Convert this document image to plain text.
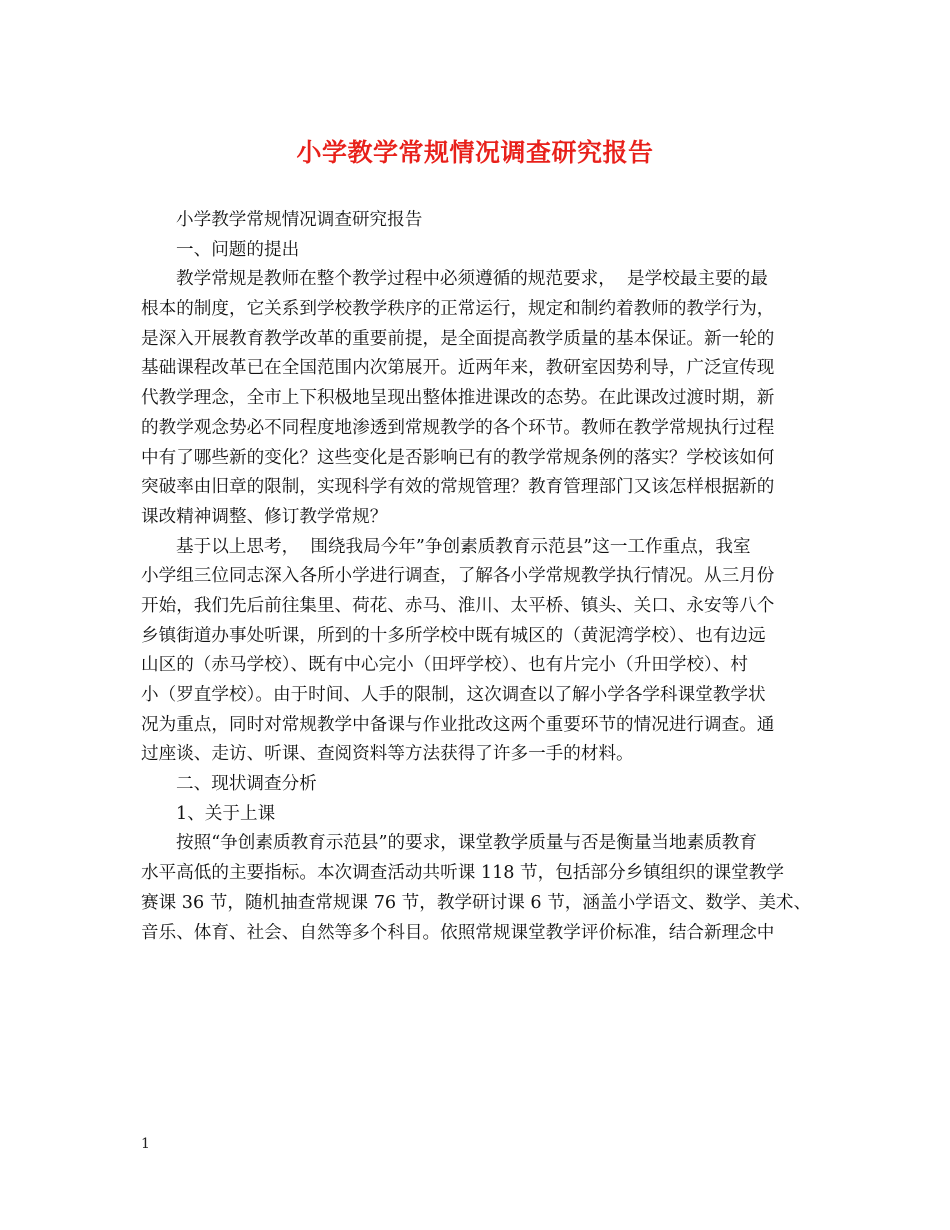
小学教学常规情况调查研究报告
小学教学常规情况调查研究报告
一、问题的提出
教学常规是教师在整个教学过程中必须遵循的规范要求，  是学校最主要的最
根本的制度，它关系到学校教学秩序的正常运行，规定和制约着教师的教学行为，
是深入开展教育教学改革的重要前提，是全面提高教学质量的基本保证。新一轮的
基础课程改革已在全国范围内次第展开。近两年来，教研室因势利导，广泛宣传现
代教学理念，全市上下积极地呈现出整体推进课改的态势。在此课改过渡时期，新
的教学观念势必不同程度地渗透到常规教学的各个环节。教师在教学常规执行过程
中有了哪些新的变化？这些变化是否影响已有的教学常规条例的落实？学校该如何
突破率由旧章的限制，实现科学有效的常规管理？教育管理部门又该怎样根据新的
课改精神调整、修订教学常规？
基于以上思考，  围绕我局今年”争创素质教育示范县”这一工作重点，我室
小学组三位同志深入各所小学进行调查，了解各小学常规教学执行情况。从三月份
开始，我们先后前往集里、荷花、赤马、淮川、太平桥、镇头、关口、永安等八个
乡镇街道办事处听课，所到的十多所学校中既有城区的（黄泥湾学校）、也有边远
山区的（赤马学校）、既有中心完小（田坪学校）、也有片完小（升田学校）、村
小（罗直学校）。由于时间、人手的限制，这次调查以了解小学各学科课堂教学状
况为重点，同时对常规教学中备课与作业批改这两个重要环节的情况进行调查。通
过座谈、走访、听课、查阅资料等方法获得了许多一手的材料。
二、现状调查分析
1、关于上课
按照“争创素质教育示范县”的要求，课堂教学质量与否是衡量当地素质教育
水平高低的主要指标。本次调查活动共听课 118 节，包括部分乡镇组织的课堂教学
赛课 36 节，随机抽查常规课 76 节，教学研讨课 6 节，涵盖小学语文、数学、美术、
音乐、体育、社会、自然等多个科目。依照常规课堂教学评价标准，结合新理念中
1
